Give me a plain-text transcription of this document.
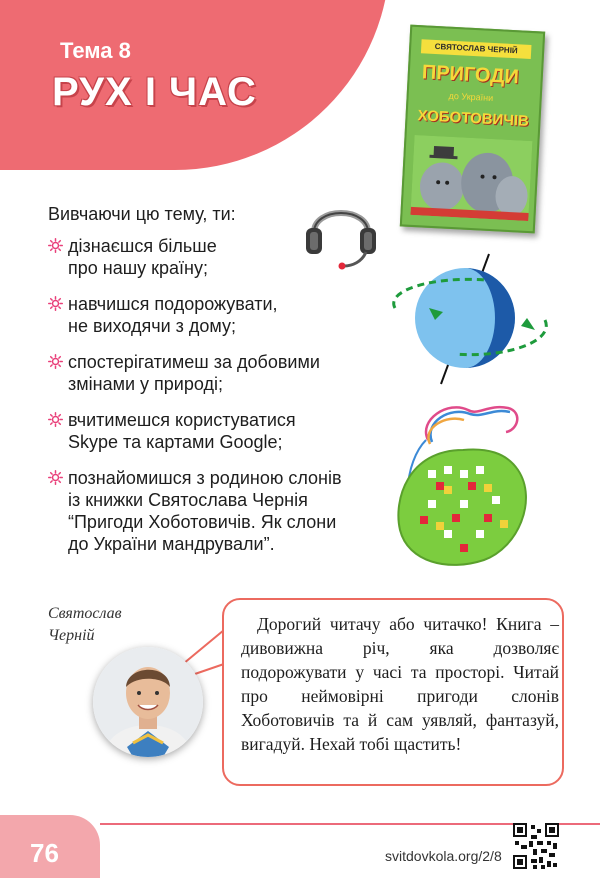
Тема 8
РУХ І ЧАС
СВЯТОСЛАВ ЧЕРНІЙ
ПРИГОДИ
до України
ХОБОТОВИЧІВ
Вивчаючи цю тему, ти:
дізнаєшся більше
про нашу країну;
навчишся подорожувати,
не виходячи з дому;
спостерігатимеш за добовими
змінами у природі;
вчитимешся користуватися
Skype та картами Google;
познайомишся з родиною слонів
із книжки Святослава Чернія
“Пригоди Хоботовичів. Як слони
до України мандрували”.
Святослав
Черній
Дорогий читачу або читачко! Книга – дивовижна річ, яка дозволяє подорожувати у часі та просторі. Читай про неймовірні пригоди слонів Хоботовичів та й сам уявляй, фантазуй, вигадуй. Нехай тобі щастить!
76	svitdovkola.org/2/8
